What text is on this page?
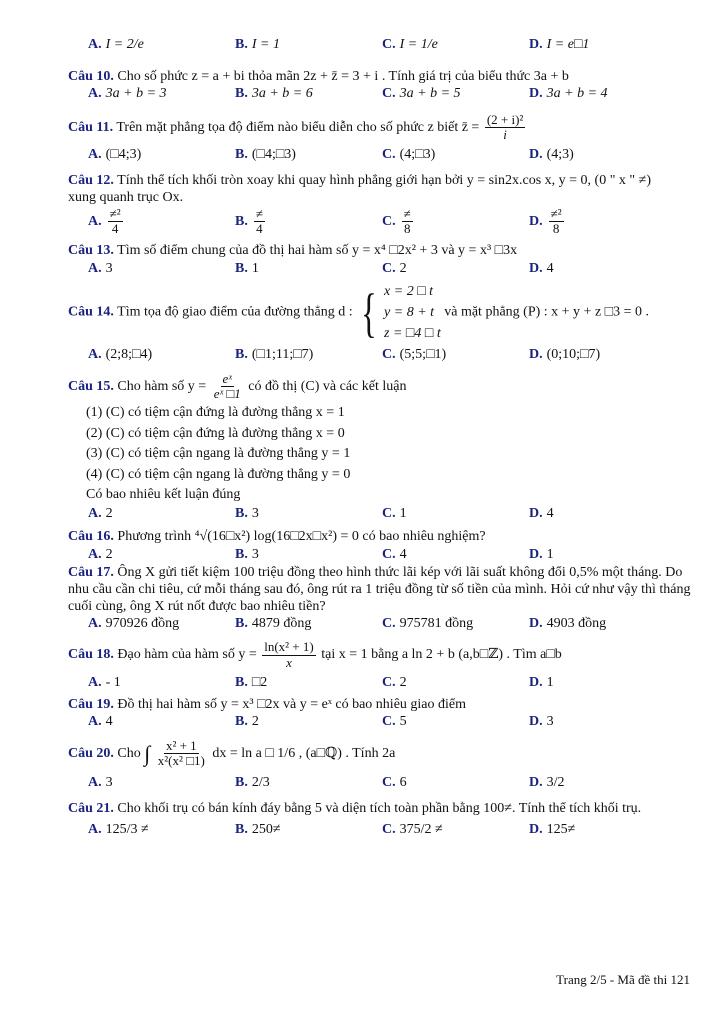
A. I = 2/e	B. I = 1	C. I = 1/e	D. I = e□1
Câu 10. Cho số phức z = a + bi thỏa mãn 2z + z̄ = 3 + i . Tính giá trị của biểu thức 3a + b
A. 3a + b = 3	B. 3a + b = 6	C. 3a + b = 5	D. 3a + b = 4
Câu 11. Trên mặt phẳng tọa độ điểm nào biểu diễn cho số phức z biết z̄ = $\frac{\text{(2 + i)²}}{i}$
A. (□4;3)	B. (□4;□3)	C. (4;□3)	D. (4;3)
Câu 12. Tính thể tích khối tròn xoay khi quay hình phẳng giới hạn bởi y = sin2x.cos x, y = 0, (0 " x " ≠)
xung quanh trục Ox.
A. $\frac{\text{≠²}}{4}$	B. $\frac{\ne}{4}$	C. $\frac{\ne}{8}$	D. $\frac{\text{≠²}}{8}$
Câu 13. Tìm số điểm chung của đồ thị hai hàm số y = x⁴ □2x² + 3 và y = x³ □3x
A. 3	B. 1	C. 2	D. 4
Câu 14. Tìm tọa độ giao điểm của đường thẳng d : { x = 2 □ t
y = 8 + t
z = □4 □ t
và mặt phẳng (P) : x + y + z □3 = 0 .
A. (2;8;□4)	B. (□1;11;□7)	C. (5;5;□1)	D. (0;10;□7)
Câu 15. Cho hàm số $y = \frac{\text{eˣ}}{\text{eˣ □1}}$ có đồ thị (C) và các kết luận
(1) (C) có tiệm cận đứng là đường thẳng x = 1
(2) (C) có tiệm cận đứng là đường thẳng x = 0
(3) (C) có tiệm cận ngang là đường thẳng y = 1
(4) (C) có tiệm cận ngang là đường thẳng y = 0
Có bao nhiêu kết luận đúng
A. 2	B. 3	C. 1	D. 4
Câu 16. Phương trình ⁴√(16□x²) log(16□2x□x²) = 0 có bao nhiêu nghiệm?
A. 2	B. 3	C. 4	D. 1
Câu 17. Ông X gửi tiết kiệm 100 triệu đồng theo hình thức lãi kép với lãi suất không đổi 0,5% một tháng. Do nhu cầu cần chi tiêu, cứ mỗi tháng sau đó, ông rút ra 1 triệu đồng từ số tiền của mình. Hỏi cứ như vậy thì tháng cuối cùng, ông X rút nốt được bao nhiêu tiền?
A. 970926 đồng	B. 4879 đồng	C. 975781 đồng	D. 4903 đồng
Câu 18. Đạo hàm của hàm số $y = \frac{\text{ln(x² + 1)}}{x}$ tại x = 1 bằng a ln 2 + b (a,b□ℤ) . Tìm a□b
A. - 1	B. □2	C. 2	D. 1
Câu 19. Đồ thị hai hàm số y = x³ □2x và y = eˣ có bao nhiêu giao điểm
A. 4	B. 2	C. 5	D. 3
Câu 20. Cho ∫ $\frac{\text{x² + 1}}{\text{x²(x² □1)}}$ dx = ln a □ 1/6 , (a□ℚ) . Tính 2a
A. 3	B. 2/3	C. 6	D. 3/2
Câu 21. Cho khối trụ có bán kính đáy bằng 5 và diện tích toàn phần bằng 100≠. Tính thể tích khối trụ.
A. 125/3 ≠	B. 250≠	C. 375/2 ≠	D. 125≠
Trang 2/5 - Mã đề thi 121
